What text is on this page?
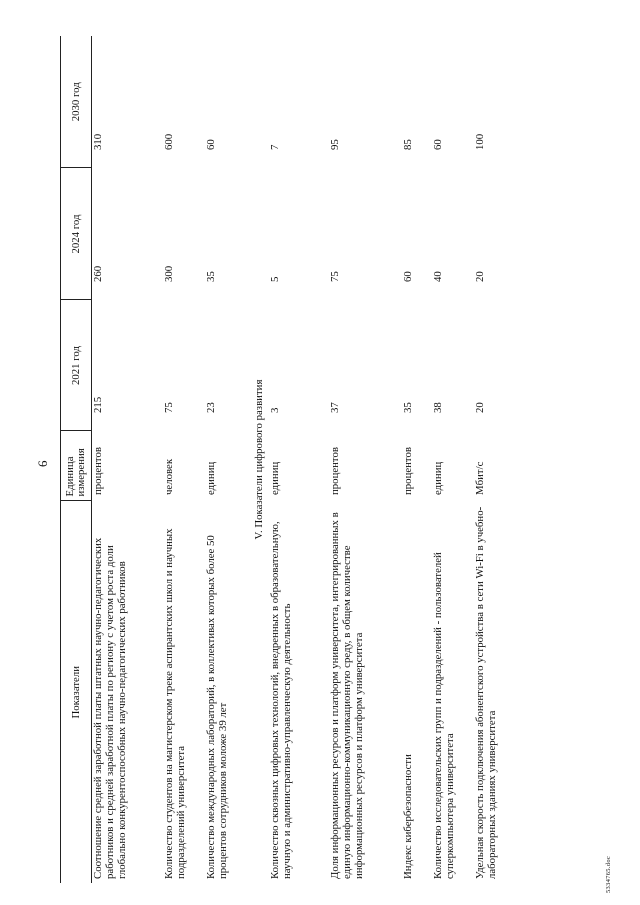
6
Показатели	Единица измерения	2021 год	2024 год	2030 год
Соотношение средней заработной платы штатных научно-педагогических работников и средней заработной платы по региону с учетом роста доли глобально конкурентоспособных научно-педагогических работников	процентов	215	260	310
Количество студентов на магистерском треке аспирантских школ и научных подразделений университета	человек	75	300	600
Количество международных лабораторий, в коллективах которых более 50 процентов сотрудников моложе 39 лет	единиц	23	35	60
V. Показатели цифрового развития				
Количество сквозных цифровых технологий, внедренных в образовательную, научную и административно-управленческую деятельность	единиц	3	5	7
Доля информационных ресурсов и платформ университета, интегрированных в единую информационно-коммуникационную среду, в общем количестве информационных ресурсов и платформ университета	процентов	37	75	95
Индекс кибербезопасности	процентов	35	60	85
Количество исследовательских групп и подразделений - пользователей суперкомпьютера университета	единиц	38	40	60
Удельная скорость подключения абонентского устройства в сети Wi-Fi в учебно-лабораторных зданиях университета	Мбит/с	20	20	100
5334765.doc
